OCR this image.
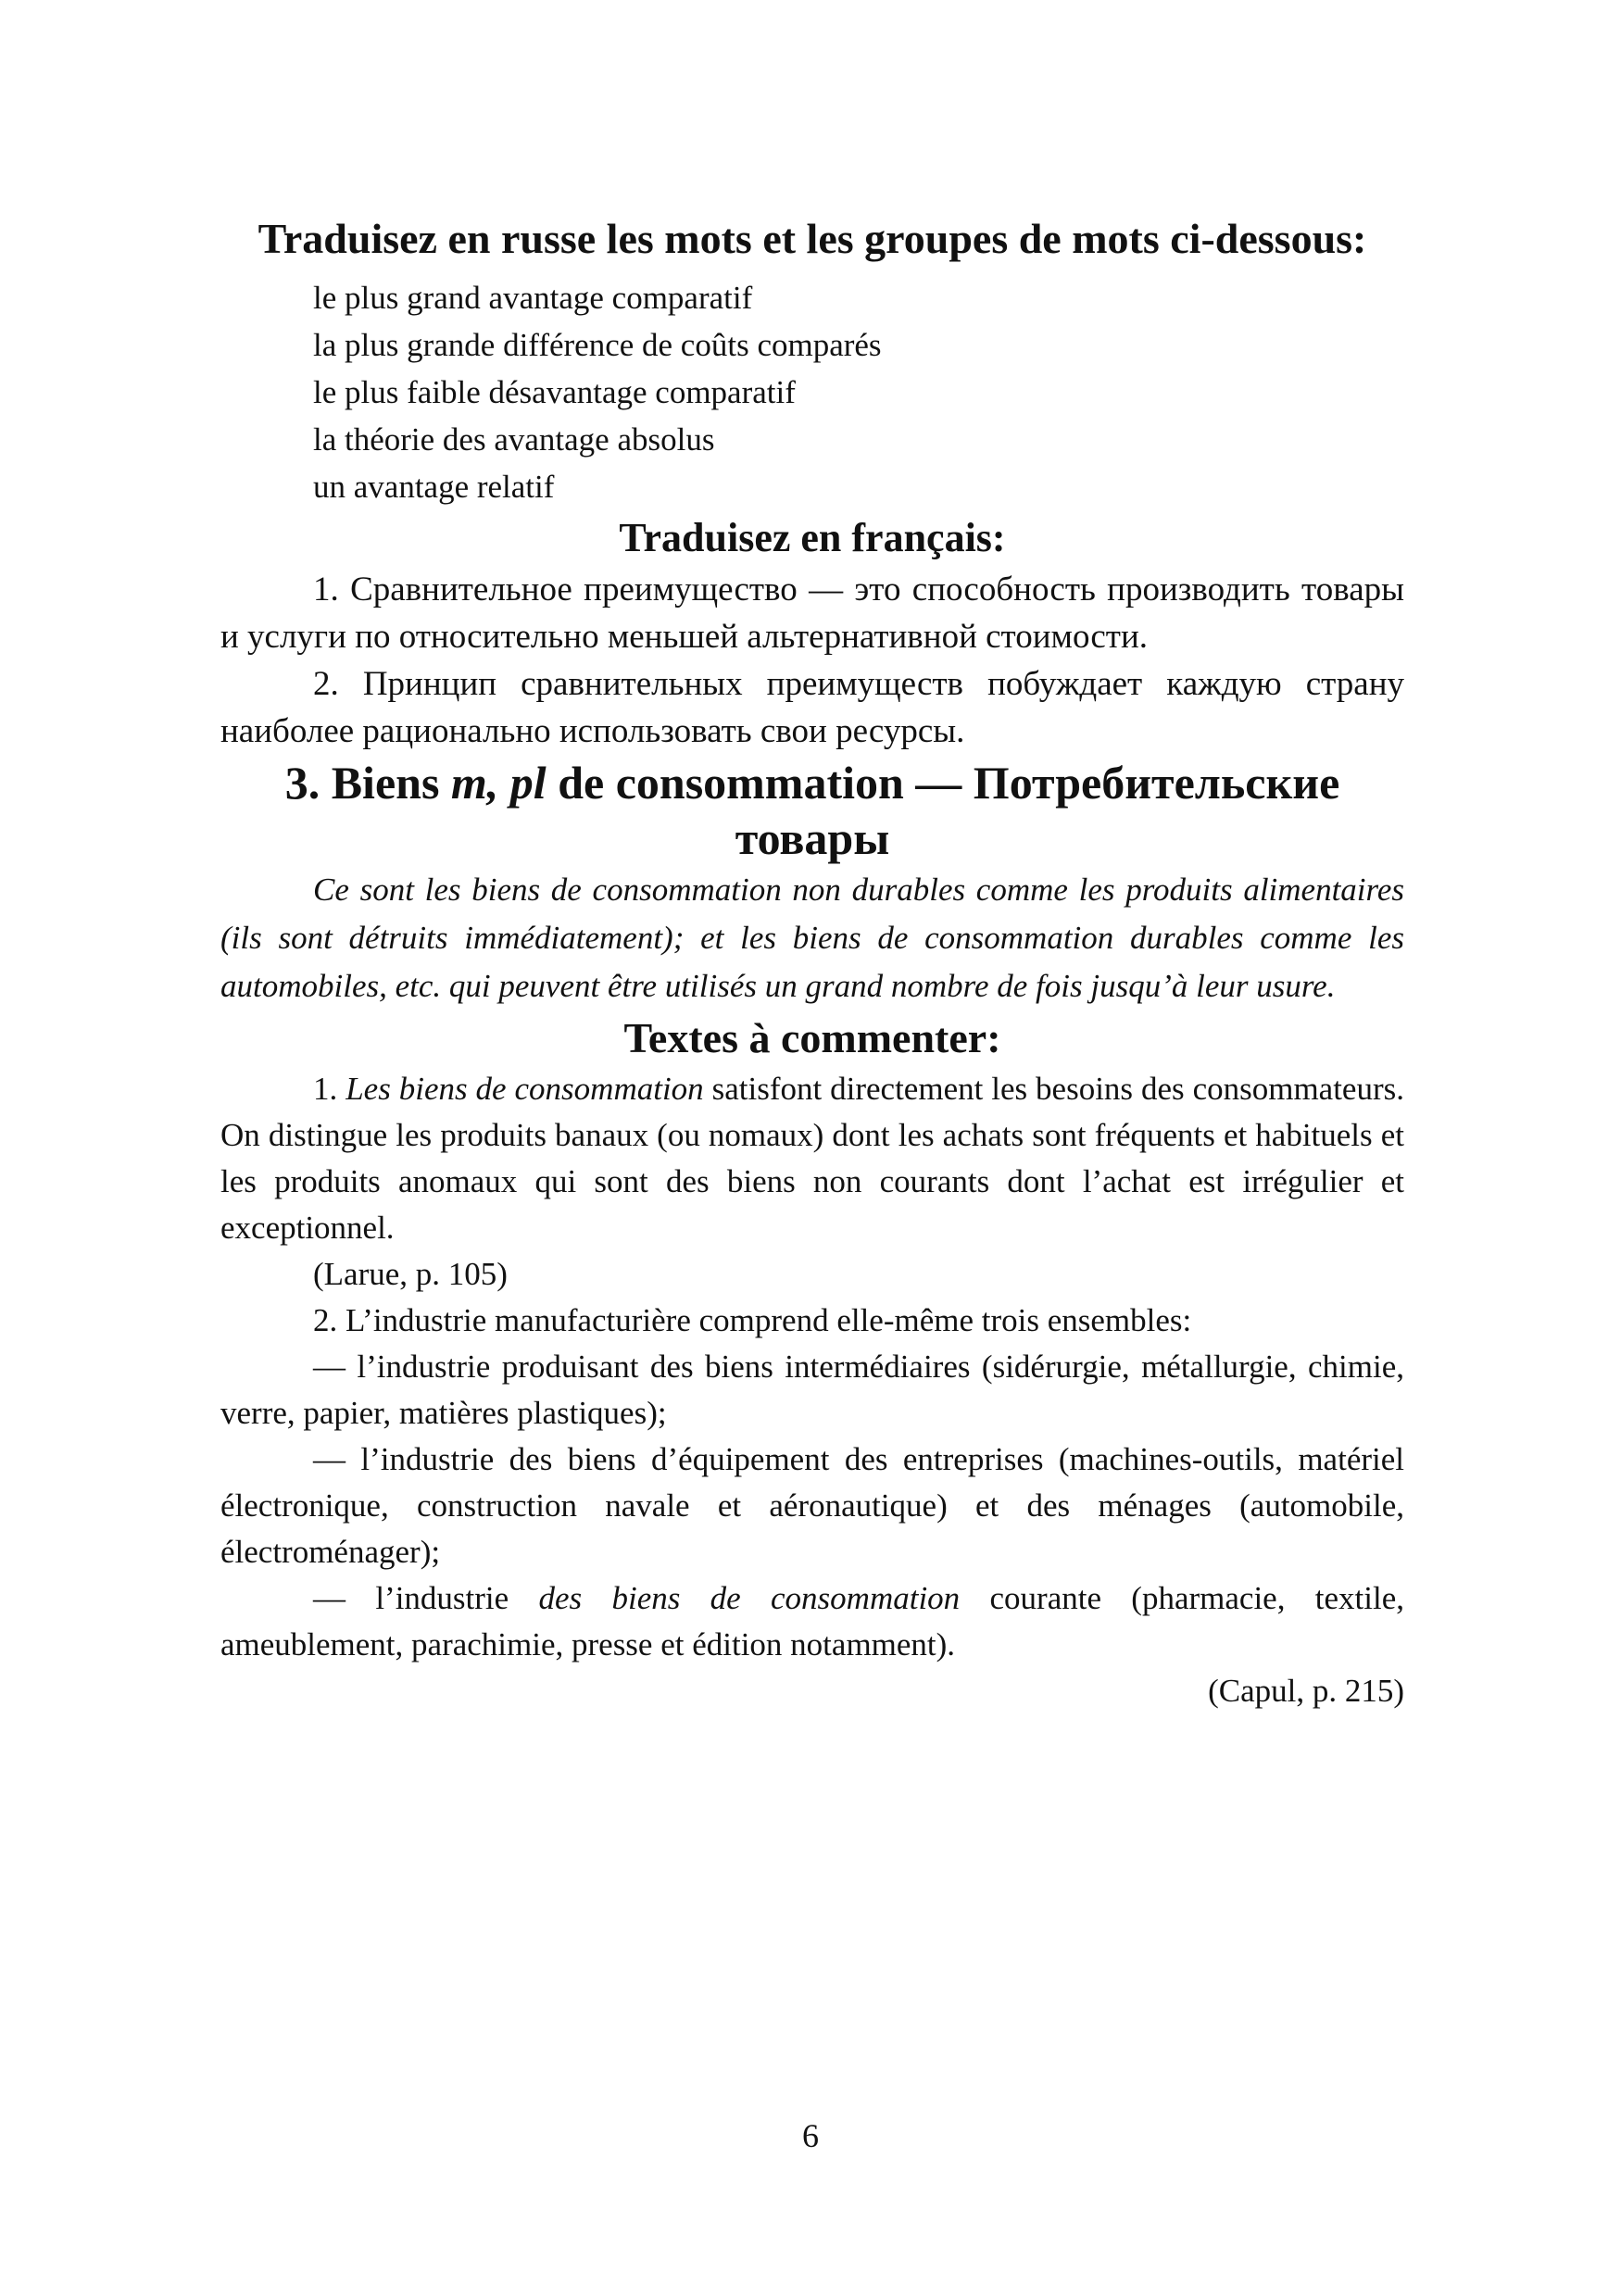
Traduisez en russe les mots et les groupes de mots ci-dessous:

le plus grand avantage comparatif
la plus grande différence de coûts comparés
le plus faible désavantage comparatif
la théorie des avantage absolus
un avantage relatif

Traduisez en français:

1. Сравнительное преимущество — это способность производить товары и услуги по относительно меньшей альтернативной стоимости.

2. Принцип сравнительных преимуществ побуждает каждую страну наиболее рационально использовать свои ресурсы.

3. Biens m, pl de consommation — Потребительские товары

Ce sont les biens de consommation non durables comme les produits alimentaires (ils sont détruits immédiatement); et les biens de consommation durables comme les automobiles, etc. qui peuvent être utilisés un grand nombre de fois jusqu’à leur usure.

Textes à commenter:

1. Les biens de consommation satisfont directement les besoins des consommateurs. On distingue les produits banaux (ou nomaux) dont les achats sont fréquents et habituels et les produits anomaux qui sont des biens non courants dont l’achat est irrégulier et exceptionnel.

(Larue, p. 105)

2. L’industrie manufacturière comprend elle-même trois ensembles:

— l’industrie produisant des biens intermédiaires (sidérurgie, métallurgie, chimie, verre, papier, matières plastiques);

— l’industrie des biens d’équipement des entreprises (machines-outils, matériel électronique, construction navale et aéronautique) et des ménages (automobile, électroménager);

— l’industrie des biens de consommation courante (pharmacie, textile, ameublement, parachimie, presse et édition notamment).

(Capul, p. 215)

6
